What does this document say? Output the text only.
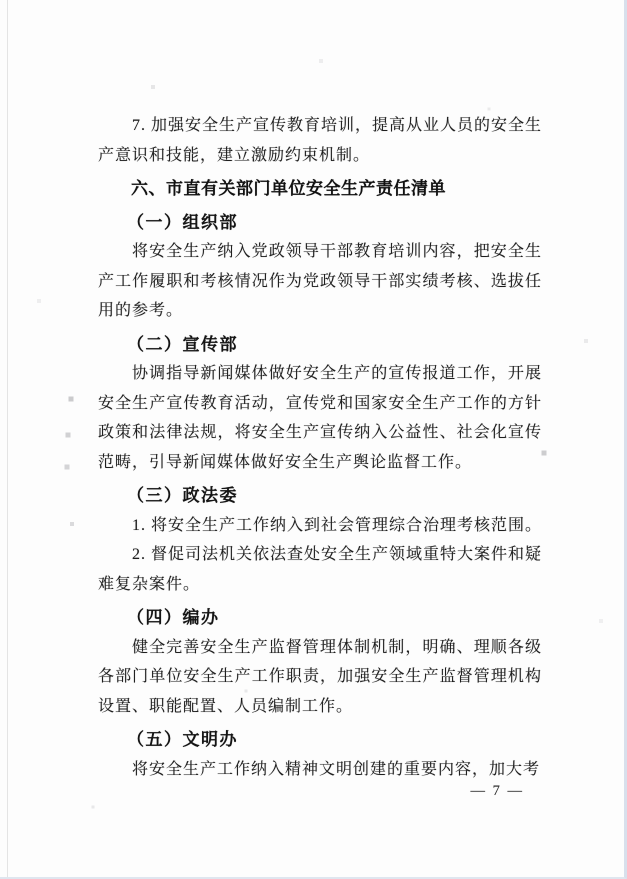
7. 加强安全生产宣传教育培训，提高从业人员的安全生产意识和技能，建立激励约束机制。

六、市直有关部门单位安全生产责任清单
（一）组织部

将安全生产纳入党政领导干部教育培训内容，把安全生产工作履职和考核情况作为党政领导干部实绩考核、选拔任用的参考。

（二）宣传部

协调指导新闻媒体做好安全生产的宣传报道工作，开展安全生产宣传教育活动，宣传党和国家安全生产工作的方针政策和法律法规，将安全生产宣传纳入公益性、社会化宣传范畴，引导新闻媒体做好安全生产舆论监督工作。

（三）政法委

1. 将安全生产工作纳入到社会管理综合治理考核范围。

2. 督促司法机关依法查处安全生产领域重特大案件和疑难复杂案件。

（四）编办

健全完善安全生产监督管理体制机制，明确、理顺各级各部门单位安全生产工作职责，加强安全生产监督管理机构设置、职能配置、人员编制工作。

（五）文明办

将安全生产工作纳入精神文明创建的重要内容，加大考

— 7 —
